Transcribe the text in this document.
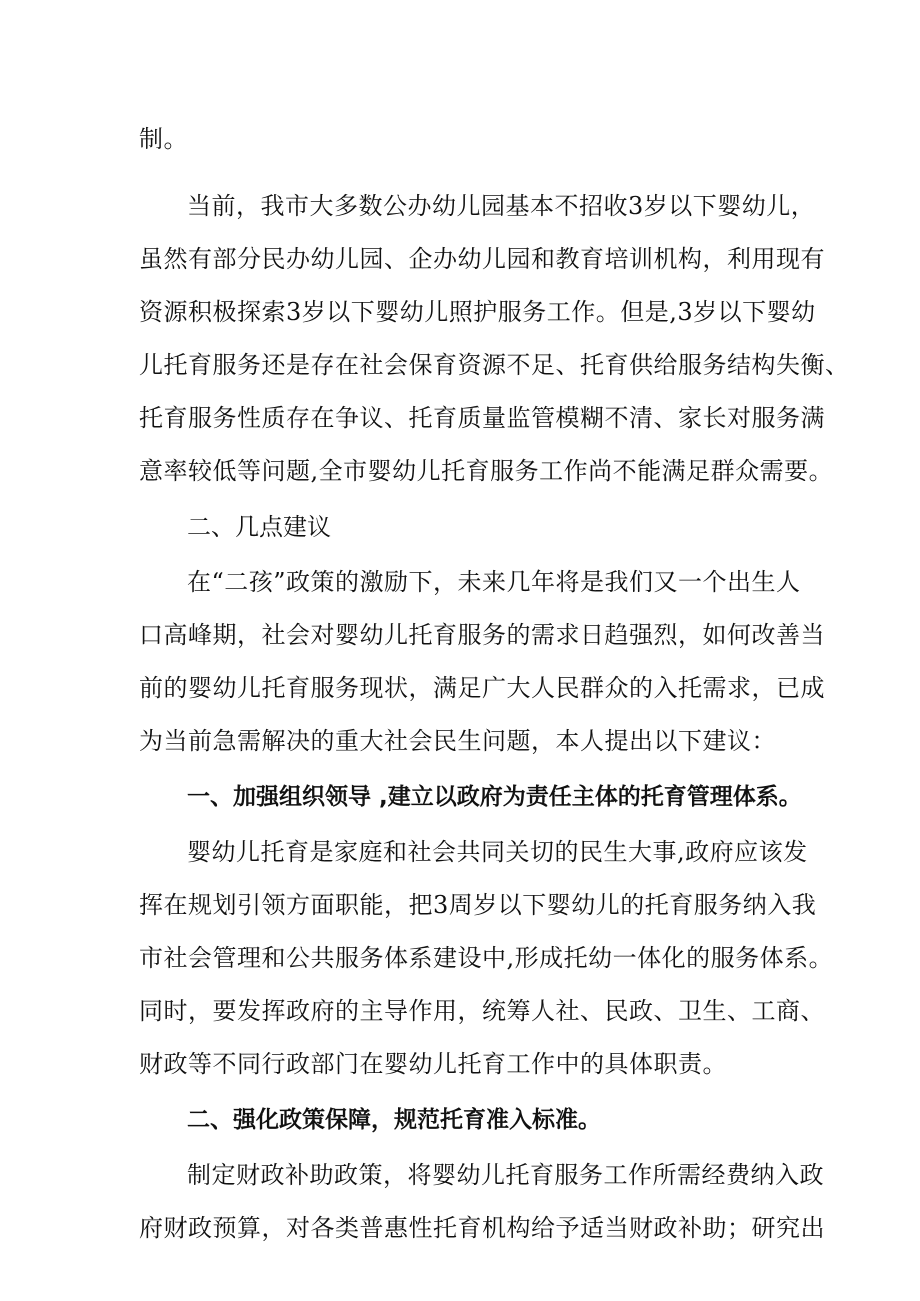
制。
当前，我市大多数公办幼儿园基本不招收3岁以下婴幼儿，
虽然有部分民办幼儿园、企办幼儿园和教育培训机构，利用现有
资源积极探索3岁以下婴幼儿照护服务工作。但是,3岁以下婴幼
儿托育服务还是存在社会保育资源不足、托育供给服务结构失衡、
托育服务性质存在争议、托育质量监管模糊不清、家长对服务满
意率较低等问题,全市婴幼儿托育服务工作尚不能满足群众需要。
二、几点建议
在“二孩”政策的激励下，未来几年将是我们又一个出生人
口高峰期，社会对婴幼儿托育服务的需求日趋强烈，如何改善当
前的婴幼儿托育服务现状，满足广大人民群众的入托需求，已成
为当前急需解决的重大社会民生问题，本人提出以下建议：
一、加强组织领导 ,建立以政府为责任主体的托育管理体系。
婴幼儿托育是家庭和社会共同关切的民生大事,政府应该发
挥在规划引领方面职能，把3周岁以下婴幼儿的托育服务纳入我
市社会管理和公共服务体系建设中,形成托幼一体化的服务体系。
同时，要发挥政府的主导作用，统筹人社、民政、卫生、工商、
财政等不同行政部门在婴幼儿托育工作中的具体职责。
二、强化政策保障，规范托育准入标准。
制定财政补助政策，将婴幼儿托育服务工作所需经费纳入政
府财政预算，对各类普惠性托育机构给予适当财政补助；研究出
